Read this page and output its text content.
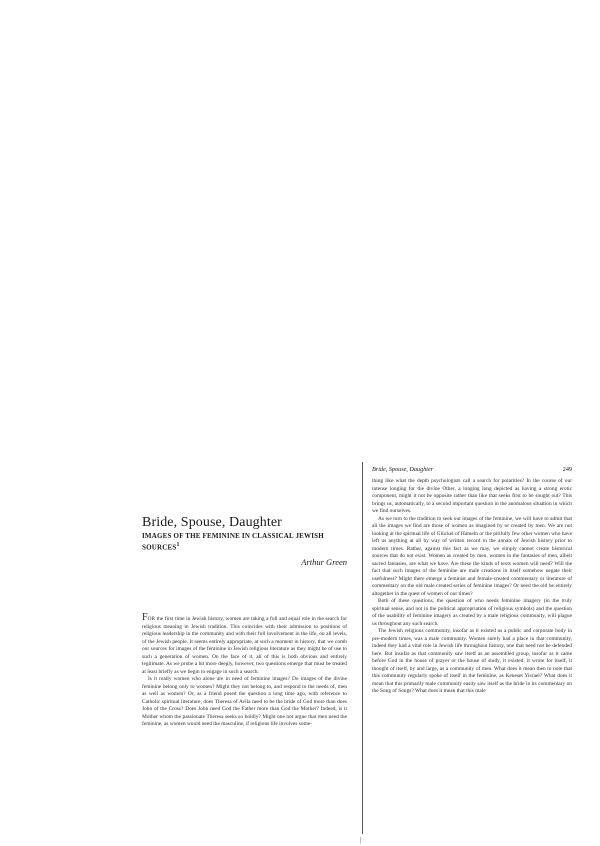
|
Bride, Spouse, Daughter
IMAGES OF THE FEMININE IN CLASSICAL JEWISH SOURCES$^1$
Arthur Green

FOR the first time in Jewish history, women are taking a full and equal role in the search for religious meaning in Jewish tradition. This coincides with their admission to positions of religious leadership in the community and with their full involvement in the life, on all levels, of the Jewish people. It seems entirely appropriate, at such a moment in history, that we comb our sources for images of the feminine in Jewish religious literature as they might be of use to such a generation of women. On the face of it, all of this is both obvious and entirely legitimate. As we probe a bit more deeply, however, two questions emerge that must be treated at least briefly as we begin to engage in such a search.

Is it really women who alone are in need of feminine images? Do images of the divine feminine belong only to women? Might they not belong to, and respond to the needs of, men as well as women? Or, as a friend posed the question a long time ago, with reference to Catholic spiritual literature, does Theresa of Avila need to be the bride of God more than does John of the Cross? Does John need God the Father more than God the Mother? Indeed, is it Mother whom the passionate Theresa seeks so boldly? Might one not argue that men need the feminine, as women would need the masculine, if religious life involves some-

Bride, Spouse, Daughter	249

thing like what the depth psychologists call a search for polarities? In the course of our intense longing for the divine Other, a longing long depicted as having a strong erotic component, might it not be opposite rather than like that seeks first to be sought out? This brings us, automatically, to a second important question in the anomalous situation in which we find ourselves.

As we turn to the tradition to seek out images of the feminine, we will have to admit that all the images we find are those of women as imagined by or created by men. We are not looking at the spiritual life of Glückel of Hameln or the pitifully few other women who have left us anything at all by way of written record in the annals of Jewish history prior to modern times. Rather, against this fact as we may, we simply cannot create historical sources that do not exist. Women as created by men, women in the fantasies of men, albeit sacred fantasies, are what we have. Are these the kinds of texts women will need? Will the fact that such images of the feminine are male creations in itself somehow negate their usefulness? Might there emerge a feminist and female-created commentary or literature of commentary on the old male created series of feminine images? Or need the old be entirely altogether in the quest of women of our times?

Both of these questions, the question of who needs feminine imagery (in the truly spiritual sense, and not in the political appropriation of religious symbols) and the question of the usability of feminine imagery as created by a male religious community, will plague us throughout any such search.

The Jewish religious community, insofar as it existed as a public and corporate body in pre-modern times, was a male community. Women surely had a place in that community, indeed they had a vital role in Jewish life throughout history, one that need not be defended here. But insofar as that community saw itself as an assembled group, insofar as it came before God in the house of prayer or the house of study, it existed, it wrote for itself, it thought of itself, by and large, as a community of men. What does it mean then to note that this community regularly spoke of itself in the feminine, as Keneset Yisrael? What does it mean that this primarily male community easily saw itself as the bride in its commentary on the Song of Songs? What does it mean that this male
